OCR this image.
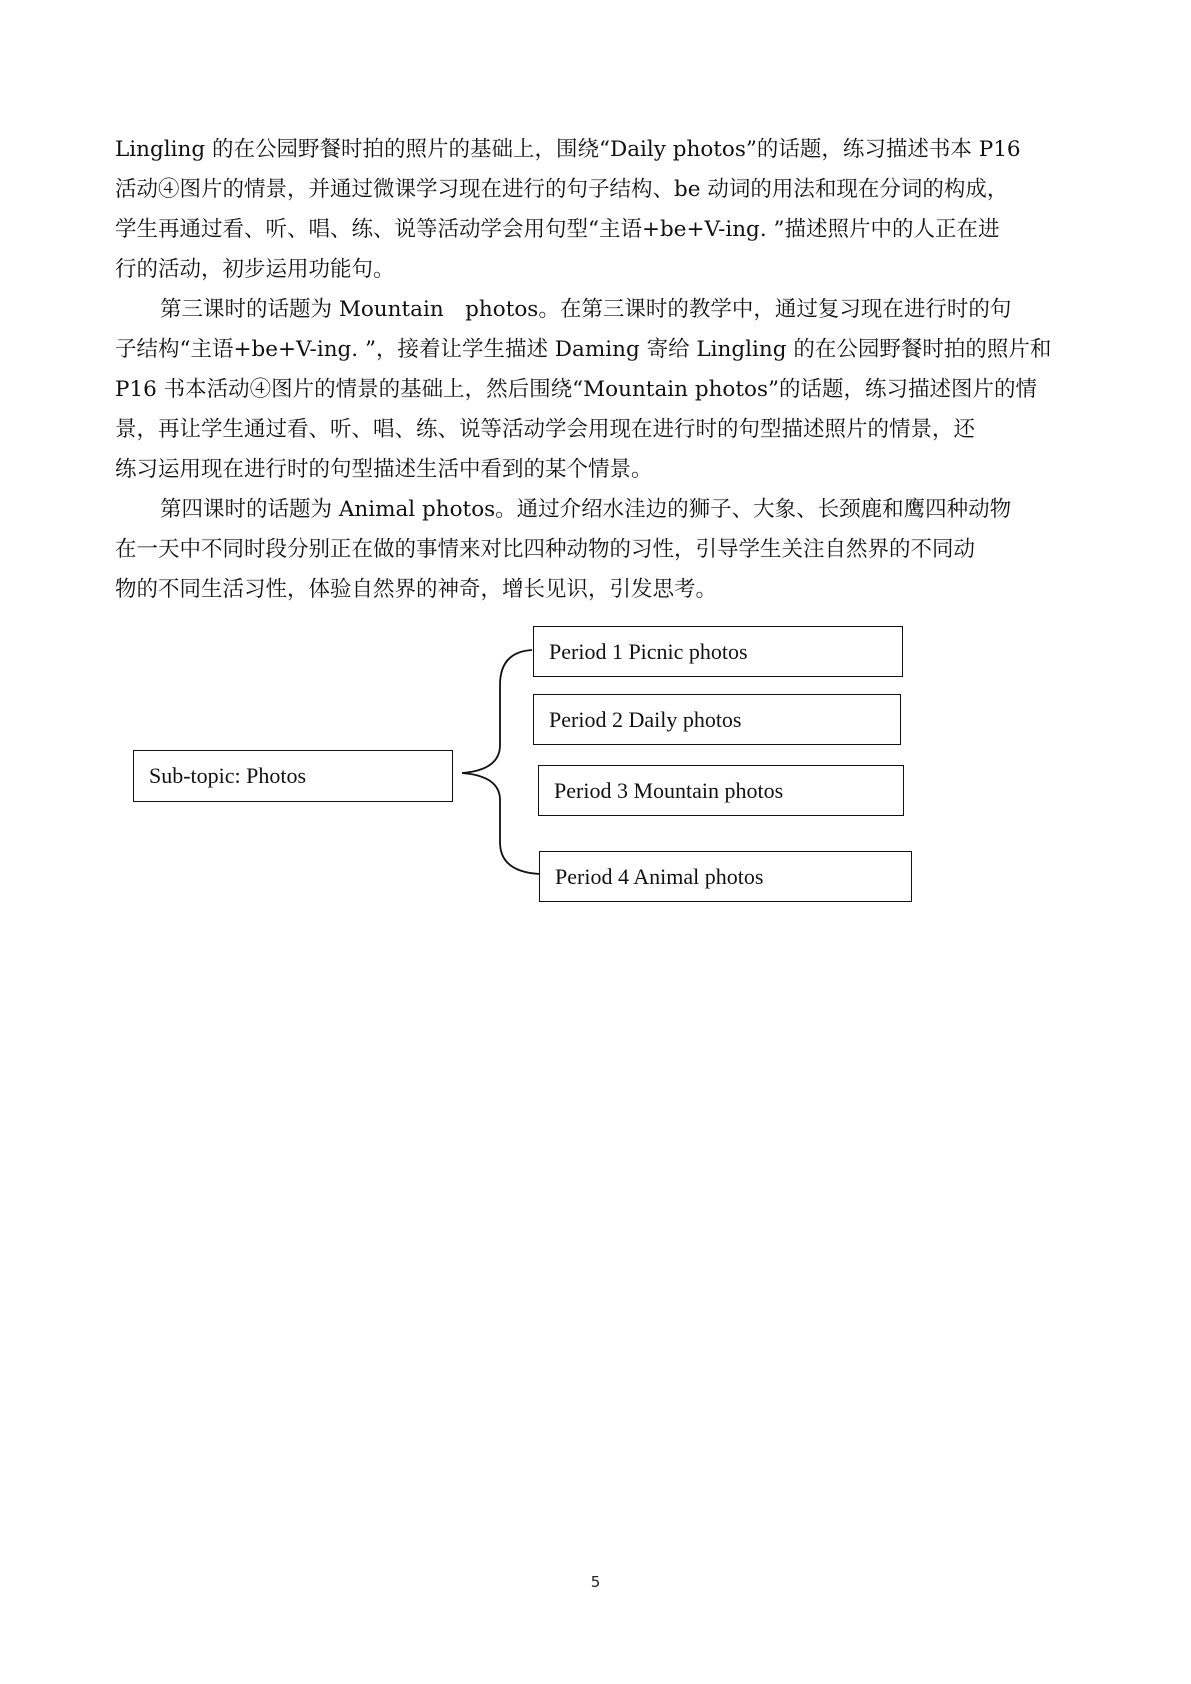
Lingling 的在公园野餐时拍的照片的基础上，围绕“Daily photos”的话题，练习描述书本 P16
活动④图片的情景，并通过微课学习现在进行的句子结构、be 动词的用法和现在分词的构成，
学生再通过看、听、唱、练、说等活动学会用句型“主语+be+V-ing. ”描述照片中的人正在进
行的活动，初步运用功能句。
第三课时的话题为 Mountain　photos。在第三课时的教学中，通过复习现在进行时的句
子结构“主语+be+V-ing. ”，接着让学生描述 Daming 寄给 Lingling 的在公园野餐时拍的照片和
P16 书本活动④图片的情景的基础上，然后围绕“Mountain photos”的话题，练习描述图片的情
景，再让学生通过看、听、唱、练、说等活动学会用现在进行时的句型描述照片的情景，还
练习运用现在进行时的句型描述生活中看到的某个情景。
第四课时的话题为 Animal photos。通过介绍水洼边的狮子、大象、长颈鹿和鹰四种动物
在一天中不同时段分别正在做的事情来对比四种动物的习性，引导学生关注自然界的不同动
物的不同生活习性，体验自然界的神奇，增长见识，引发思考。
Sub-topic: Photos
Period 1 Picnic photos
Period 2 Daily photos
Period 3 Mountain photos
Period 4 Animal photos
5
